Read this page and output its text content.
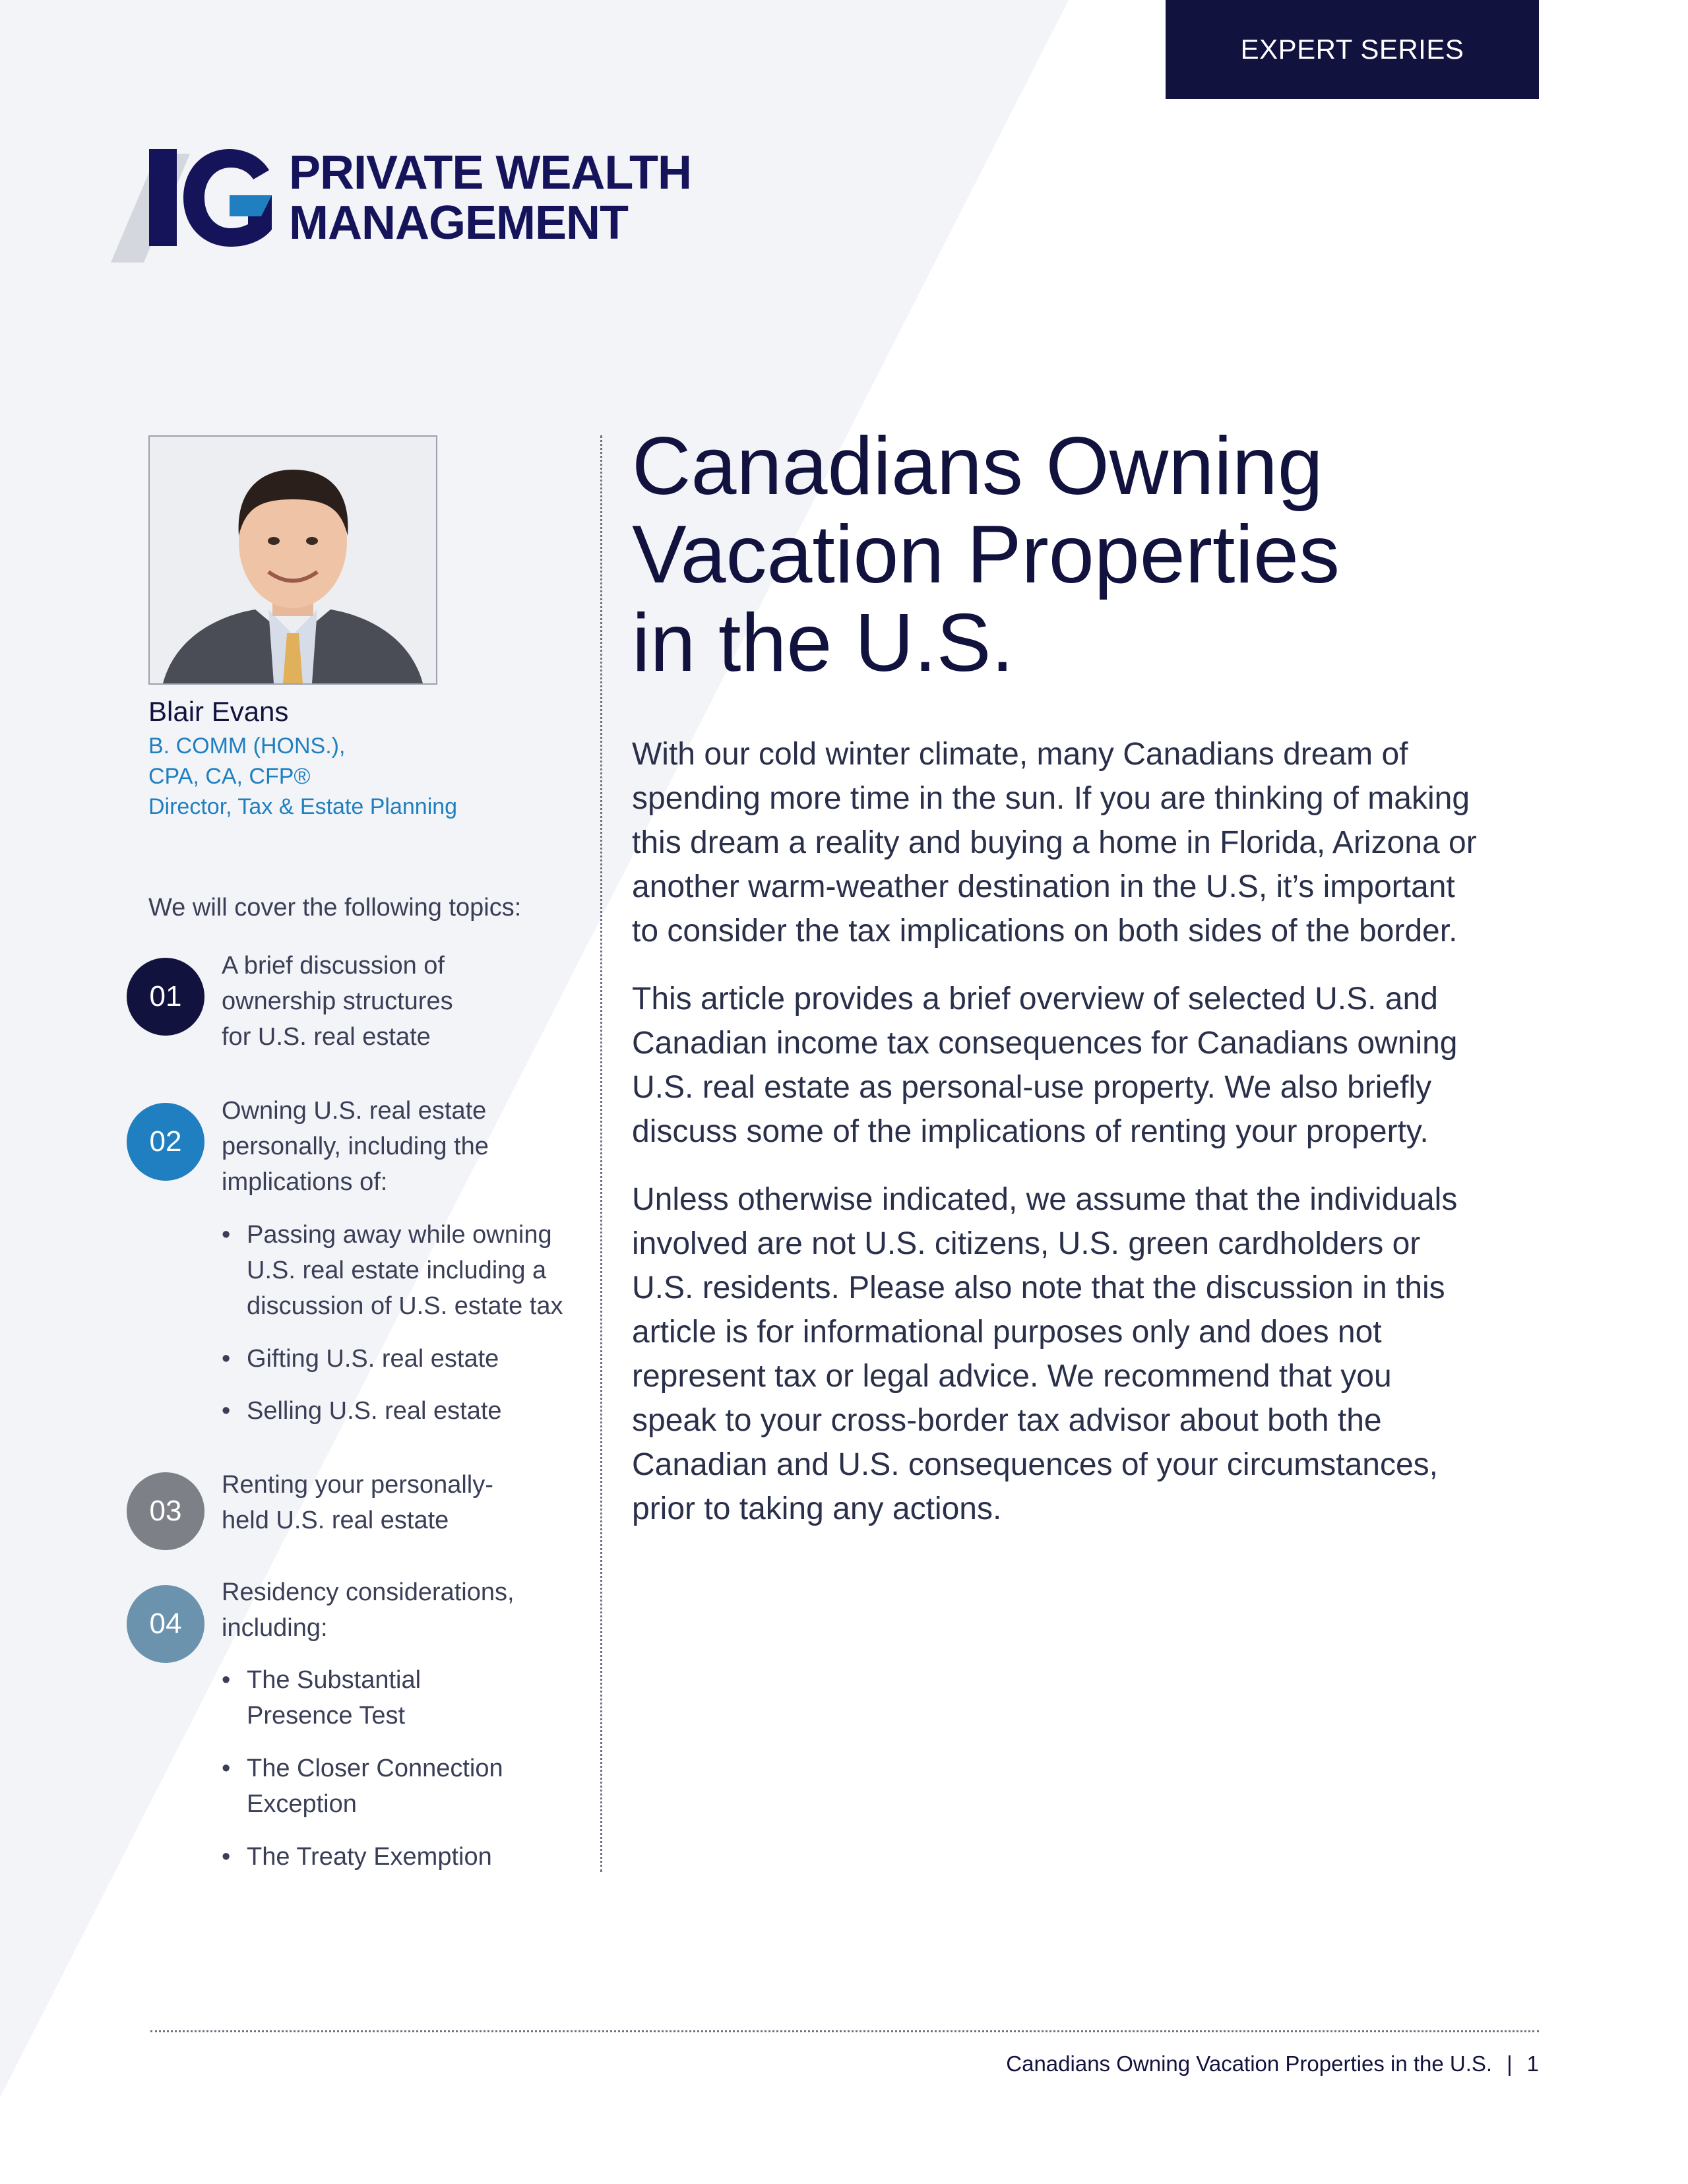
EXPERT SERIES
PRIVATE WEALTH
MANAGEMENT
Blair Evans
B. COMM (HONS.),
CPA, CA, CFP®
Director, Tax & Estate Planning
We will cover the following topics:
01
A brief discussion of
ownership structures
for U.S. real estate
02
Owning U.S. real estate
personally, including the
implications of:
• Passing away while owning
U.S. real estate including a
discussion of U.S. estate tax
• Gifting U.S. real estate
• Selling U.S. real estate
03
Renting your personally-
held U.S. real estate
04
Residency considerations,
including:
• The Substantial
Presence Test
• The Closer Connection
Exception
• The Treaty Exemption
Canadians Owning
Vacation Properties
in the U.S.
With our cold winter climate, many Canadians dream of
spending more time in the sun. If you are thinking of making
this dream a reality and buying a home in Florida, Arizona or
another warm-weather destination in the U.S, it’s important
to consider the tax implications on both sides of the border.
This article provides a brief overview of selected U.S. and
Canadian income tax consequences for Canadians owning
U.S. real estate as personal-use property. We also briefly
discuss some of the implications of renting your property.
Unless otherwise indicated, we assume that the individuals
involved are not U.S. citizens, U.S. green cardholders or
U.S. residents. Please also note that the discussion in this
article is for informational purposes only and does not
represent tax or legal advice. We recommend that you
speak to your cross-border tax advisor about both the
Canadian and U.S. consequences of your circumstances,
prior to taking any actions.
Canadians Owning Vacation Properties in the U.S. | 1
